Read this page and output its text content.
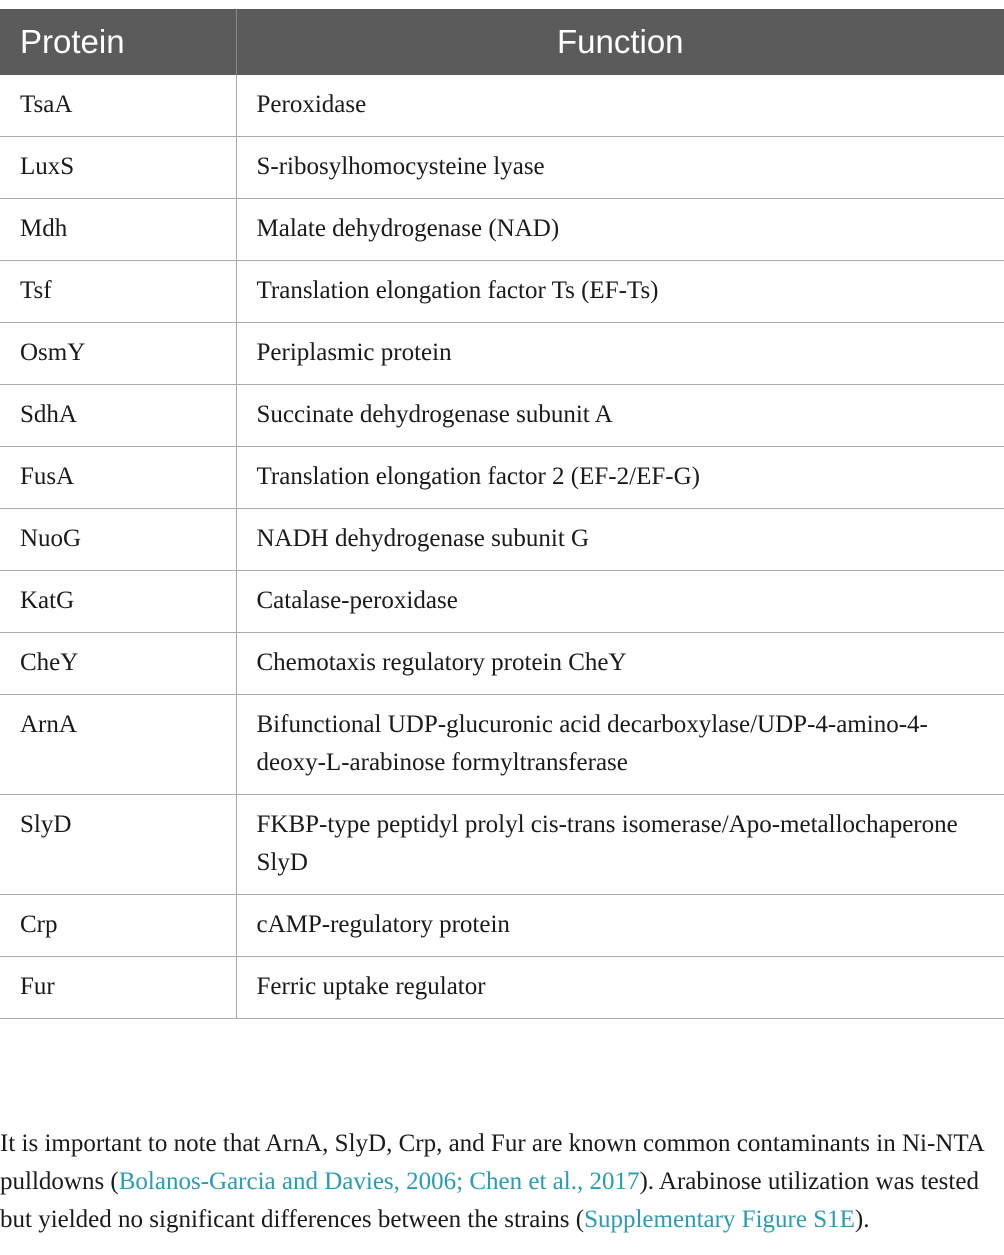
Protein	Function
TsaA	Peroxidase
LuxS	S-ribosylhomocysteine lyase
Mdh	Malate dehydrogenase (NAD)
Tsf	Translation elongation factor Ts (EF-Ts)
OsmY	Periplasmic protein
SdhA	Succinate dehydrogenase subunit A
FusA	Translation elongation factor 2 (EF-2/EF-G)
NuoG	NADH dehydrogenase subunit G
KatG	Catalase-peroxidase
CheY	Chemotaxis regulatory protein CheY
ArnA	Bifunctional UDP-glucuronic acid decarboxylase/UDP-4-amino-4-deoxy-L-arabinose formyltransferase
SlyD	FKBP-type peptidyl prolyl cis-trans isomerase/Apo-metallochaperone SlyD
Crp	cAMP-regulatory protein
Fur	Ferric uptake regulator

It is important to note that ArnA, SlyD, Crp, and Fur are known common contaminants in Ni-NTA pulldowns (Bolanos-Garcia and Davies, 2006; Chen et al., 2017). Arabinose utilization was tested but yielded no significant differences between the strains (Supplementary Figure S1E).
